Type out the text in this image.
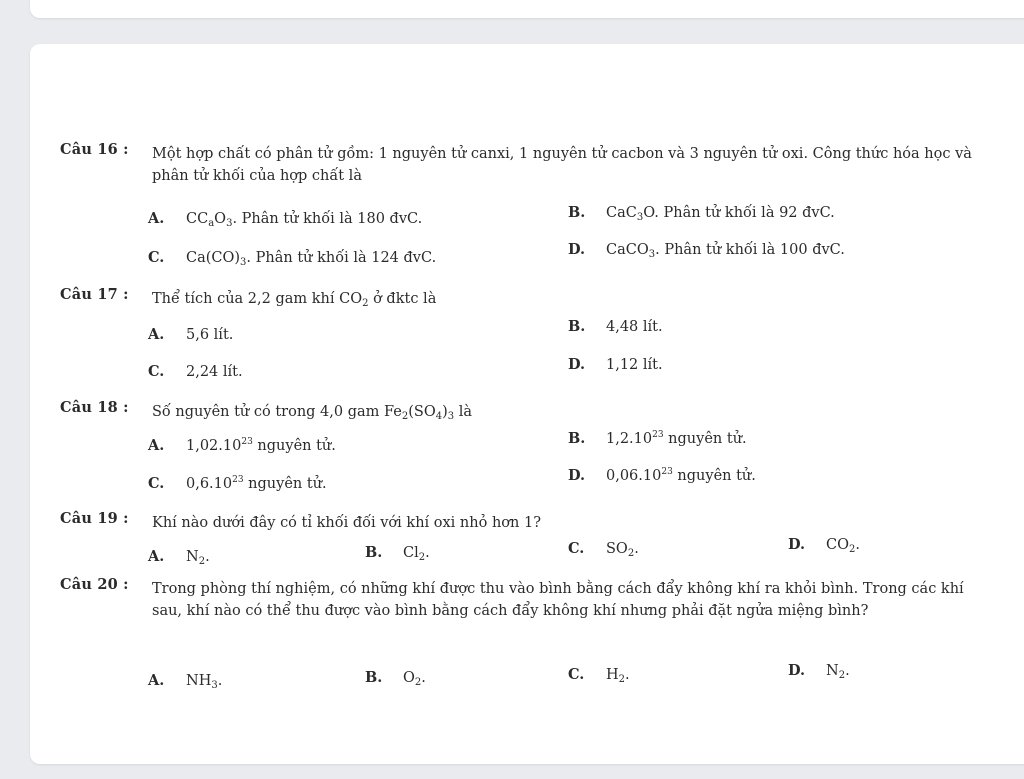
Câu 16 :	Một hợp chất có phân tử gồm: 1 nguyên tử canxi, 1 nguyên tử cacbon và 3 nguyên tử oxi. Công thức hóa học và phân tử khối của hợp chất là
A.	$CC_aO_3$. Phân tử khối là 180 đvC.	B.	CaC$_3$O. Phân tử khối là 92 đvC.
C.	$Ca(CO)_3$. Phân tử khối là 124 đvC.	D.	CaCO$_3$. Phân tử khối là 100 đvC.
Câu 17 :	Thể tích của 2,2 gam khí $CO_2$ ở đktc là
A.	5,6 lít.	B.	4,48 lít.
C.	2,24 lít.	D.	1,12 lít.
Câu 18 :	Số nguyên tử có trong 4,0 gam $Fe_2(SO_4)_3$ là
A.	1,02.10$^{23}$ nguyên tử.	B.	1,2.10$^{23}$ nguyên tử.
C.	0,6.10$^{23}$ nguyên tử.	D.	0,06.10$^{23}$ nguyên tử.
Câu 19 :	Khí nào dưới đây có tỉ khối đối với khí oxi nhỏ hơn 1?
A.	$N_2$.	B.	$Cl_2$.	C.	$SO_2$.	D.	$CO_2$.
Câu 20 :	Trong phòng thí nghiệm, có những khí được thu vào bình bằng cách đẩy không khí ra khỏi bình. Trong các khí sau, khí nào có thể thu được vào bình bằng cách đẩy không khí nhưng phải đặt ngửa miệng bình?
A.	$NH_3$.	B.	$O_2$.	C.	$H_2$.	D.	$N_2$.
